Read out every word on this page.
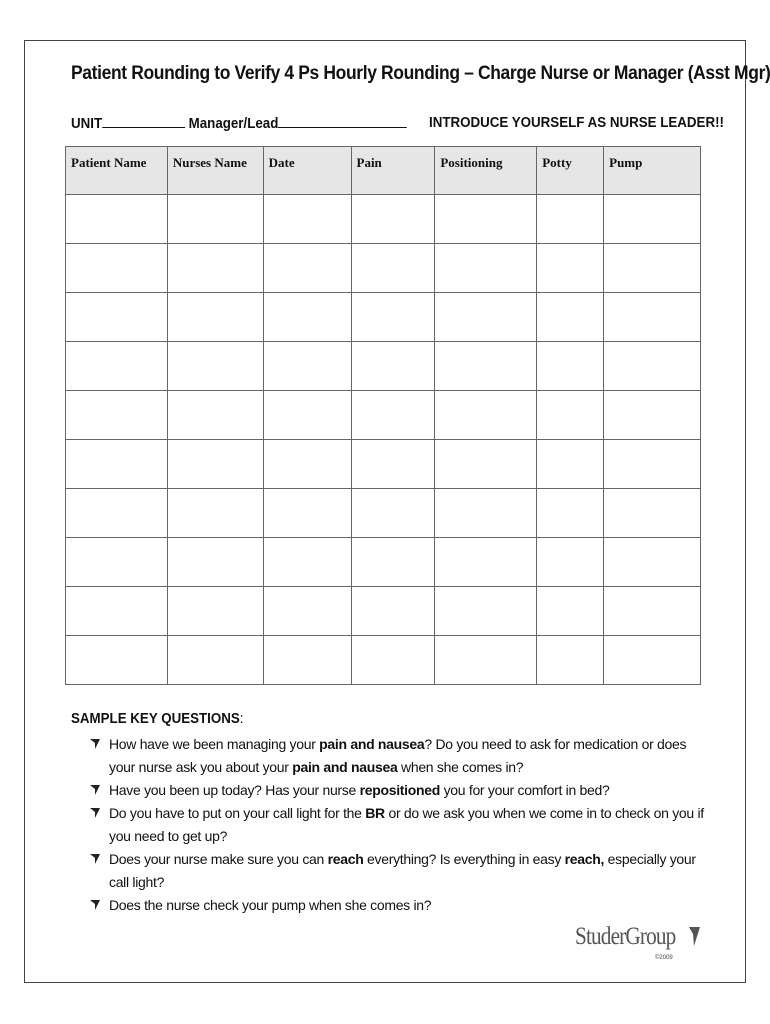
Patient Rounding to Verify 4 Ps Hourly Rounding – Charge Nurse or Manager (Asst Mgr)
UNIT	Manager/Lead	INTRODUCE YOURSELF AS NURSE LEADER!!
Patient Name	Nurses Name	Date	Pain	Positioning	Potty	Pump

SAMPLE KEY QUESTIONS:
How have we been managing your pain and nausea? Do you need to ask for medication or does your nurse ask you about your pain and nausea when she comes in?
Have you been up today? Has your nurse repositioned you for your comfort in bed?
Do you have to put on your call light for the BR or do we ask you when we come in to check on you if you need to get up?
Does your nurse make sure you can reach everything? Is everything in easy reach, especially your call light?
Does the nurse check your pump when she comes in?
StuderGroup
©2009
